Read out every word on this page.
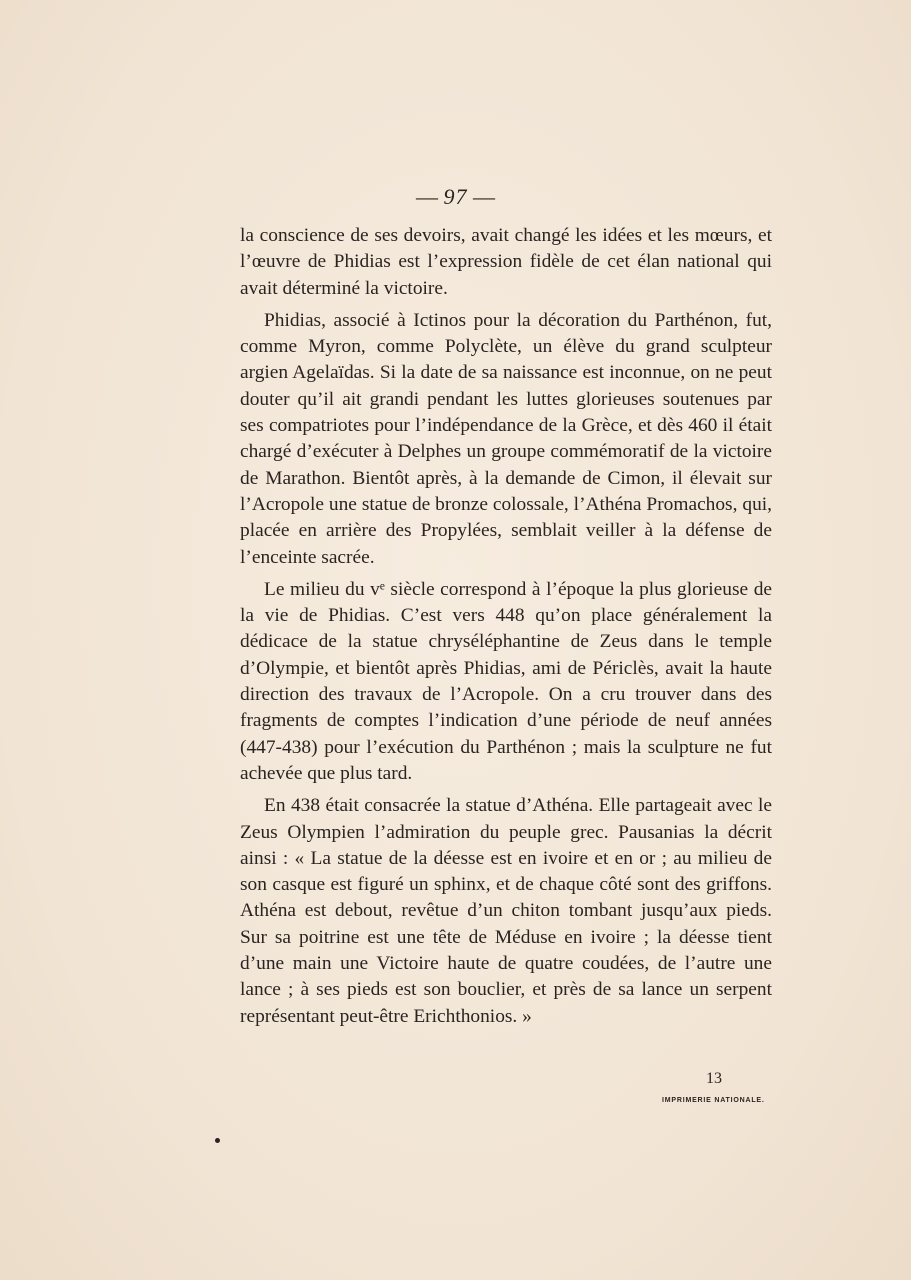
— 97 —

la conscience de ses devoirs, avait changé les idées et les mœurs, et l’œuvre de Phidias est l’expression fidèle de cet élan national qui avait déterminé la victoire.

Phidias, associé à Ictinos pour la décoration du Parthénon, fut, comme Myron, comme Polyclète, un élève du grand sculpteur argien Agelaïdas. Si la date de sa naissance est inconnue, on ne peut douter qu’il ait grandi pendant les luttes glorieuses soutenues par ses compatriotes pour l’indépendance de la Grèce, et dès 460 il était chargé d’exécuter à Delphes un groupe commémoratif de la victoire de Marathon. Bientôt après, à la demande de Cimon, il élevait sur l’Acropole une statue de bronze colossale, l’Athéna Promachos, qui, placée en arrière des Propylées, semblait veiller à la défense de l’enceinte sacrée.

Le milieu du vᵉ siècle correspond à l’époque la plus glorieuse de la vie de Phidias. C’est vers 448 qu’on place généralement la dédicace de la statue chryséléphantine de Zeus dans le temple d’Olympie, et bientôt après Phidias, ami de Périclès, avait la haute direction des travaux de l’Acropole. On a cru trouver dans des fragments de comptes l’indication d’une période de neuf années (447-438) pour l’exécution du Parthénon ; mais la sculpture ne fut achevée que plus tard.

En 438 était consacrée la statue d’Athéna. Elle partageait avec le Zeus Olympien l’admiration du peuple grec. Pausanias la décrit ainsi : « La statue de la déesse est en ivoire et en or ; au milieu de son casque est figuré un sphinx, et de chaque côté sont des griffons. Athéna est debout, revêtue d’un chiton tombant jusqu’aux pieds. Sur sa poitrine est une tête de Méduse en ivoire ; la déesse tient d’une main une Victoire haute de quatre coudées, de l’autre une lance ; à ses pieds est son bouclier, et près de sa lance un serpent représentant peut-être Erichthonios. »

13
IMPRIMERIE NATIONALE.
